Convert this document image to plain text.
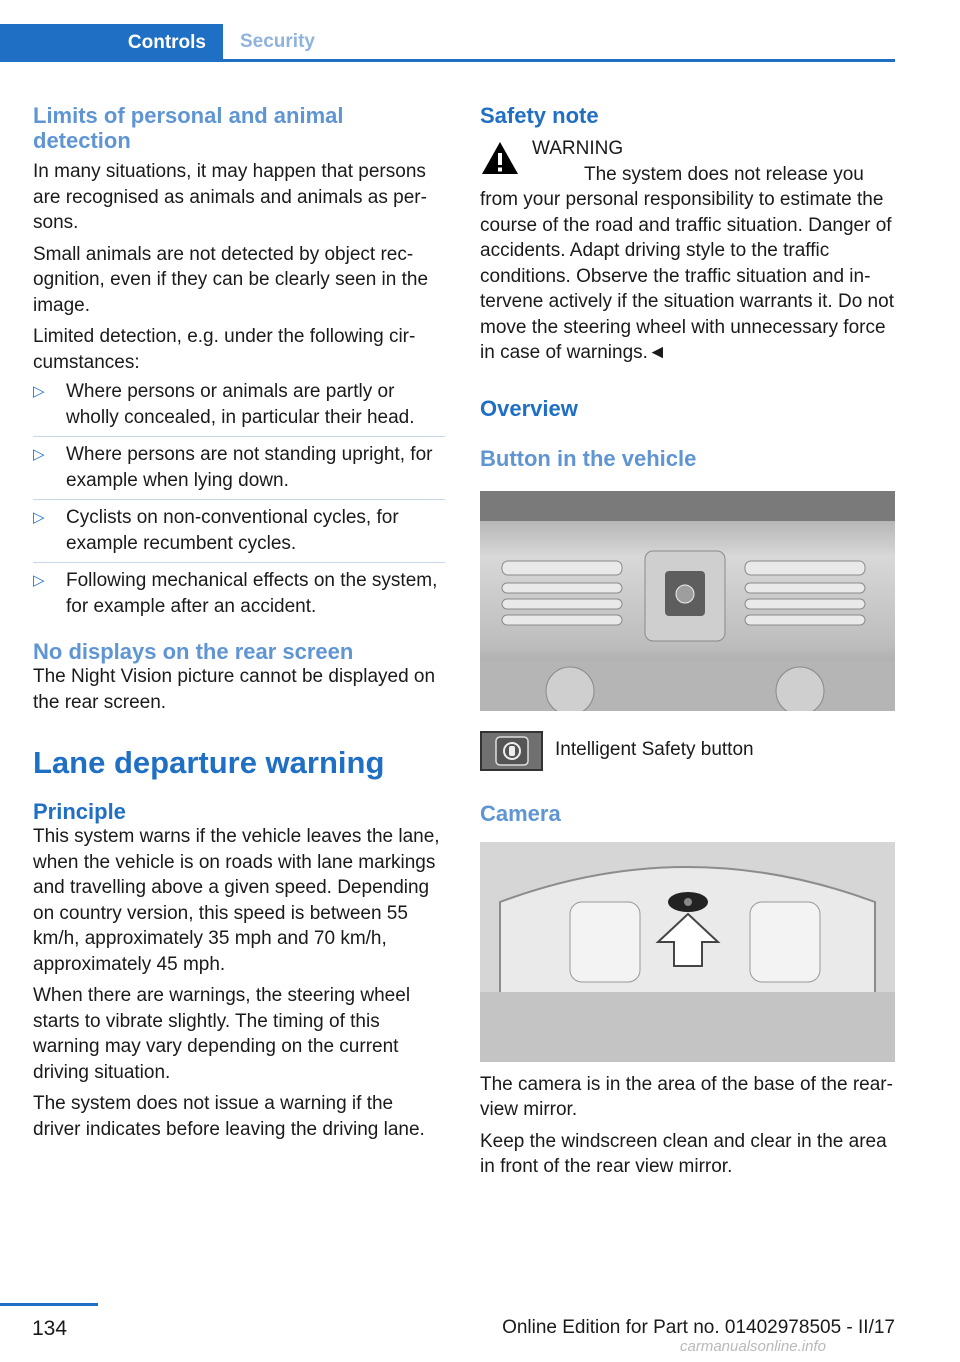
Controls	Security
Limits of personal and animal detection

In many situations, it may happen that persons are recognised as animals and animals as persons.

Small animals are not detected by object recognition, even if they can be clearly seen in the image.

Limited detection, e.g. under the following circumstances:

▷ Where persons or animals are partly or wholly concealed, in particular their head.
▷ Where persons are not standing upright, for example when lying down.
▷ Cyclists on non-conventional cycles, for example recumbent cycles.
▷ Following mechanical effects on the system, for example after an accident.
No displays on the rear screen

The Night Vision picture cannot be displayed on the rear screen.

Lane departure warning
Principle

This system warns if the vehicle leaves the lane, when the vehicle is on roads with lane markings and travelling above a given speed. Depending on country version, this speed is between 55 km/h, approximately 35 mph and 70 km/h, approximately 45 mph.

When there are warnings, the steering wheel starts to vibrate slightly. The timing of this warning may vary depending on the current driving situation.

The system does not issue a warning if the driver indicates before leaving the driving lane.

Safety note

WARNING

The system does not release you from your personal responsibility to estimate the course of the road and traffic situation. Danger of accidents. Adapt driving style to the traffic conditions. Observe the traffic situation and intervene actively if the situation warrants it. Do not move the steering wheel with unnecessary force in case of warnings.◄

Overview
Button in the vehicle

Intelligent Safety button

Camera

The camera is in the area of the base of the rear-view mirror.

Keep the windscreen clean and clear in the area in front of the rear view mirror.

134	Online Edition for Part no. 01402978505 - II/17
carmanualsonline.info
